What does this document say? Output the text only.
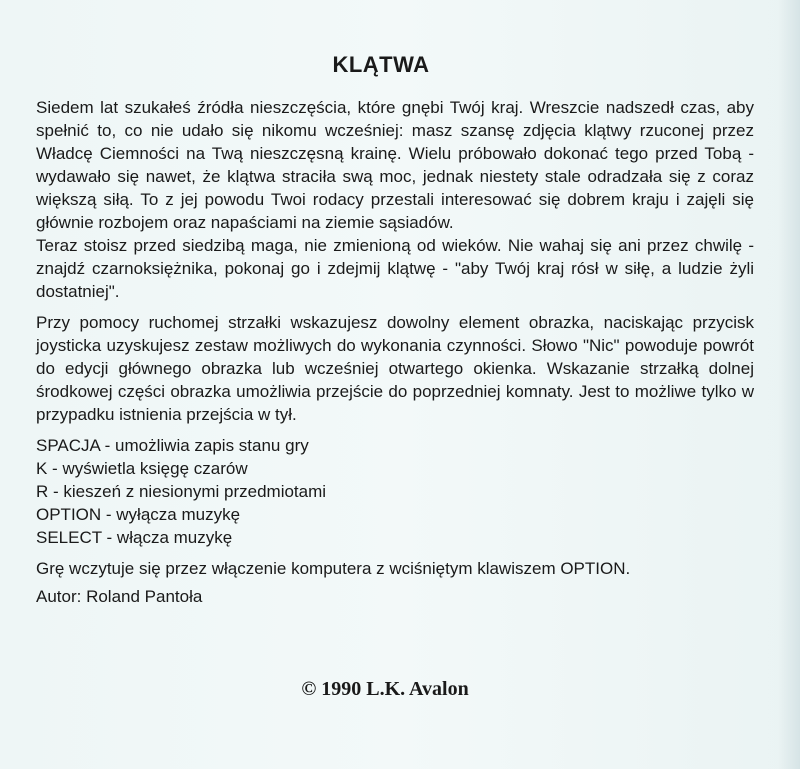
KLĄTWA

Siedem lat szukałeś źródła nieszczęścia, które gnębi Twój kraj. Wreszcie nadszedł czas, aby spełnić to, co nie udało się nikomu wcześniej: masz szansę zdjęcia klątwy rzuconej przez Władcę Ciemności na Twą nieszczęsną krainę. Wielu próbowało dokonać tego przed Tobą - wydawało się nawet, że klątwa straciła swą moc, jednak niestety stale odradzała się z coraz większą siłą. To z jej powodu Twoi rodacy przestali interesować się dobrem kraju i zajęli się głównie rozbojem oraz napaściami na ziemie sąsiadów.

Teraz stoisz przed siedzibą maga, nie zmienioną od wieków. Nie wahaj się ani przez chwilę - znajdź czarnoksiężnika, pokonaj go i zdejmij klątwę - "aby Twój kraj rósł w siłę, a ludzie żyli dostatniej".

Przy pomocy ruchomej strzałki wskazujesz dowolny element obrazka, naciskając przycisk joysticka uzyskujesz zestaw możliwych do wykonania czynności. Słowo "Nic" powoduje powrót do edycji głównego obrazka lub wcześniej otwartego okienka. Wskazanie strzałką dolnej środkowej części obrazka umożliwia przejście do poprzedniej komnaty. Jest to możliwe tylko w przypadku istnienia przejścia w tył.

SPACJA - umożliwia zapis stanu gry

K - wyświetla księgę czarów

R - kieszeń z niesionymi przedmiotami

OPTION - wyłącza muzykę

SELECT - włącza muzykę

Grę wczytuje się przez włączenie komputera z wciśniętym klawiszem OPTION.

Autor: Roland Pantoła

© 1990 L.K. Avalon
